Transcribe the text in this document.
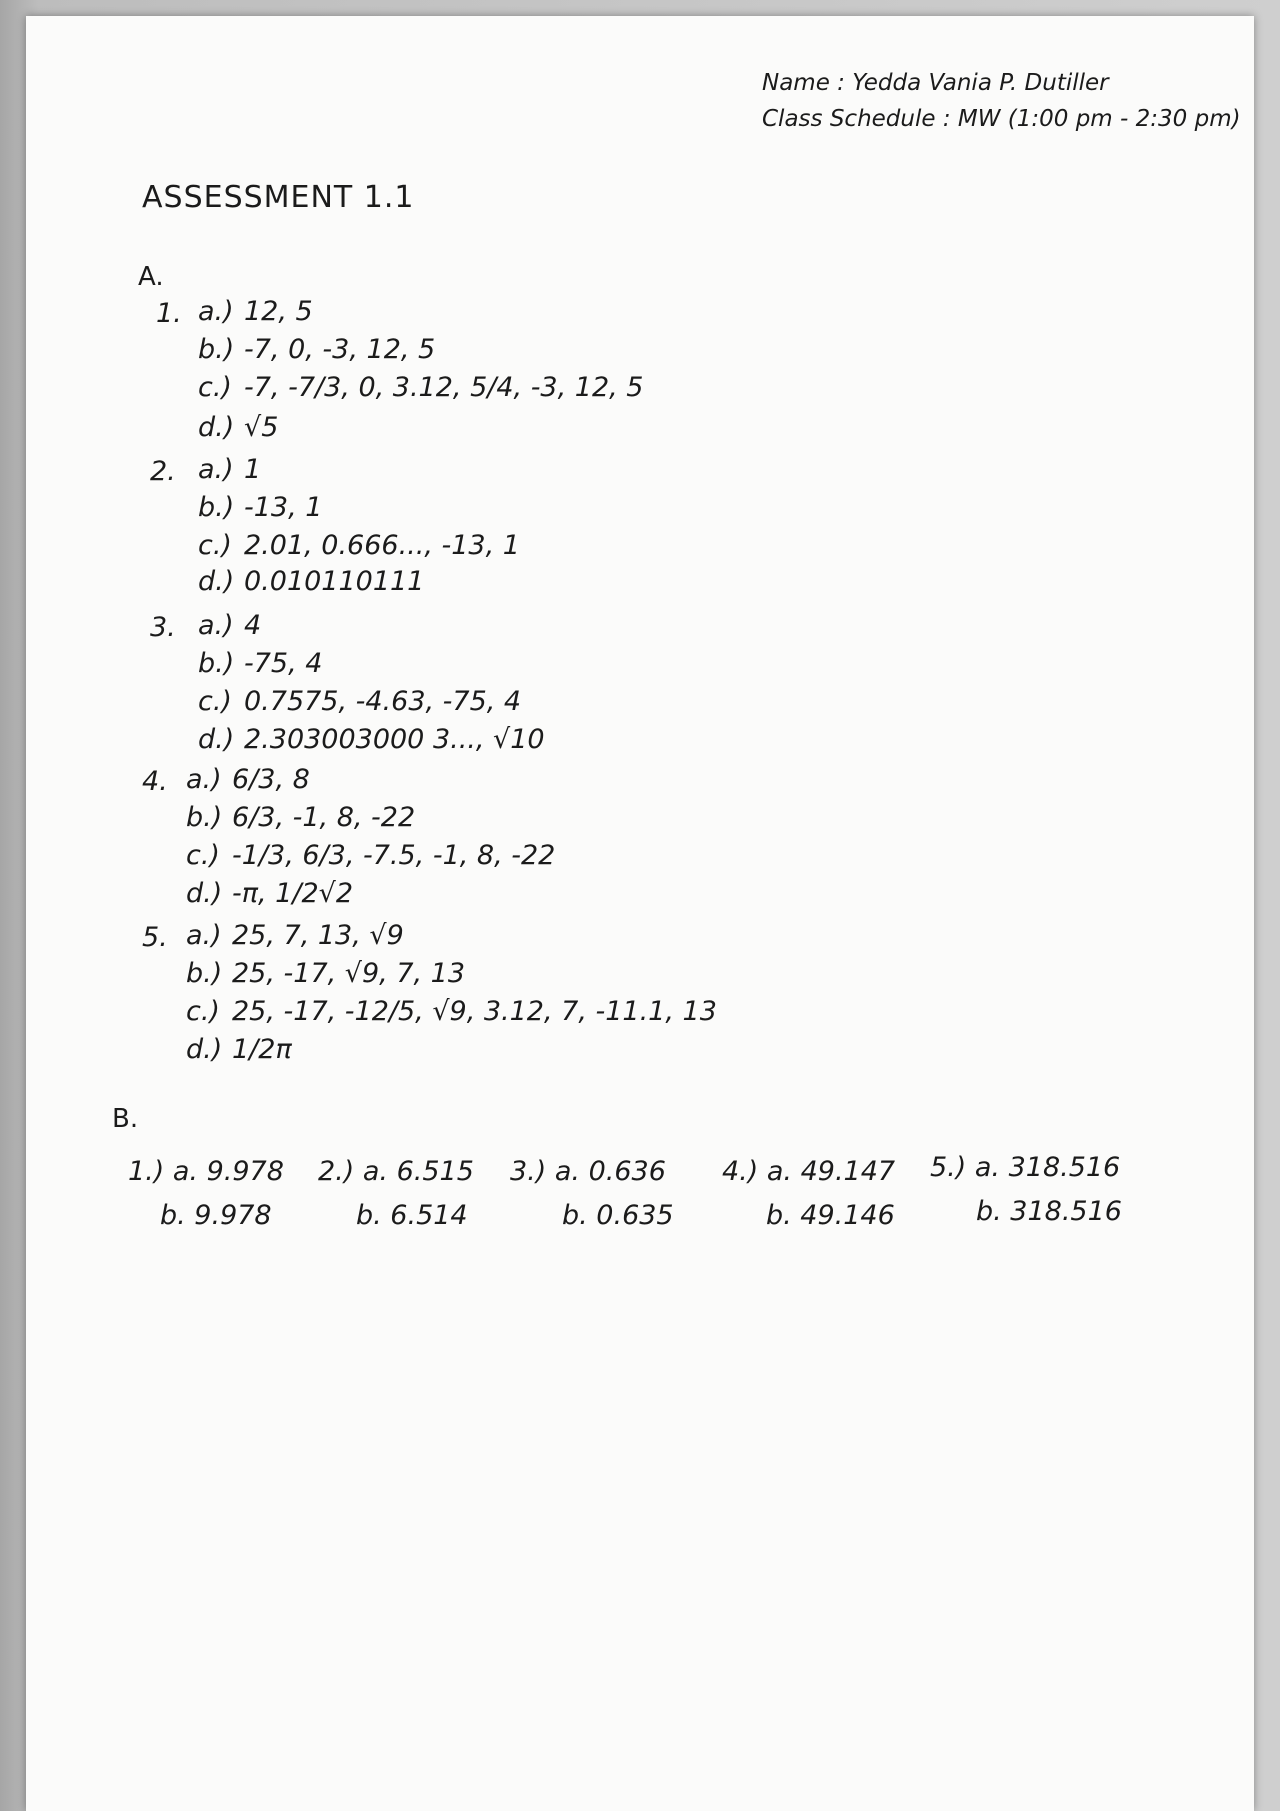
Name : Yedda Vania P. Dutiller
Class Schedule : MW (1:00 pm - 2:30 pm)
ASSESSMENT 1.1
A.
1. a.) 12, 5
b.) -7, 0, -3, 12, 5
c.) -7, -7/3, 0, 3.12, 5/4, -3, 12, 5
d.) √5
2. a.) 1
b.) -13, 1
c.) 2.01, 0.666..., -13, 1
d.) 0.010110111
3. a.) 4
b.) -75, 4
c.) 0.7575, -4.63, -75, 4
d.) 2.303003000 3..., √10
4. a.) 6/3, 8
b.) 6/3, -1, 8, -22
c.) -1/3, 6/3, -7.5, -1, 8, -22
d.) -π, 1/2√2
5. a.) 25, 7, 13, √9
b.) 25, -17, √9, 7, 13
c.) 25, -17, -12/5, √9, 3.12, 7, -11.1, 13
d.) 1/2π
B.
1.) a. 9.978
b. 9.978
2.) a. 6.515
b. 6.514
3.) a. 0.636
b. 0.635
4.) a. 49.147
b. 49.146
5.) a. 318.516
b. 318.516
